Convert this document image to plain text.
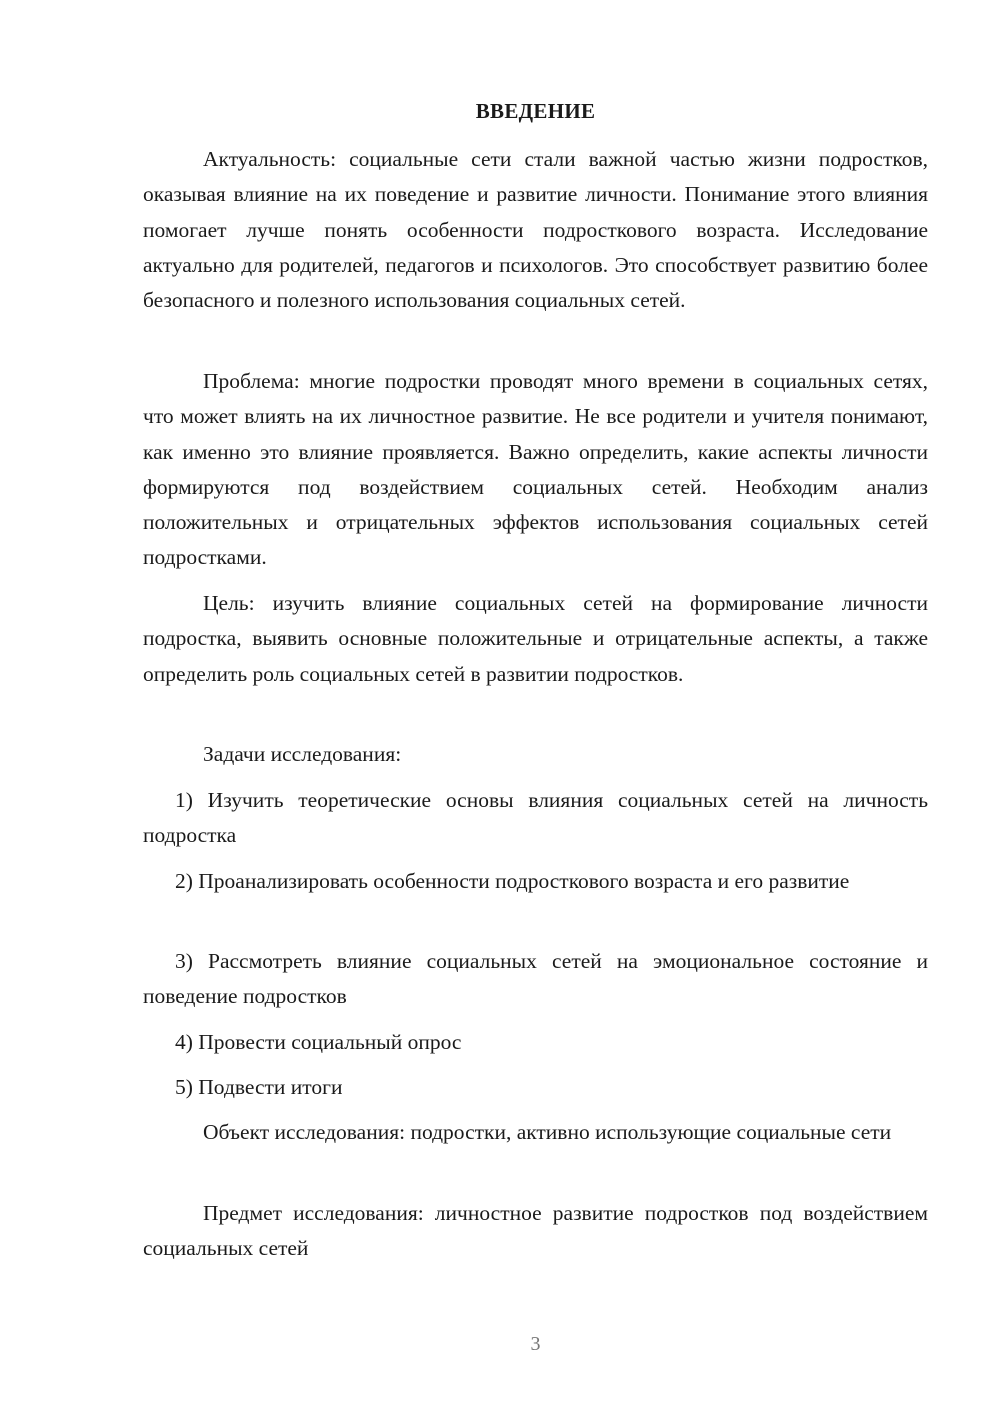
ВВЕДЕНИЕ

Актуальность: социальные сети стали важной частью жизни подростков, оказывая влияние на их поведение и развитие личности. Понимание этого влияния помогает лучше понять особенности подросткового возраста. Исследование актуально для родителей, педагогов и психологов. Это способствует развитию более безопасного и полезного использования социальных сетей.

Проблема: многие подростки проводят много времени в социальных сетях, что может влиять на их личностное развитие. Не все родители и учителя понимают, как именно это влияние проявляется. Важно определить, какие аспекты личности формируются под воздействием социальных сетей. Необходим анализ положительных и отрицательных эффектов использования социальных сетей подростками.

Цель: изучить влияние социальных сетей на формирование личности подростка, выявить основные положительные и отрицательные аспекты, а также определить роль социальных сетей в развитии подростков.

Задачи исследования:

1) Изучить теоретические основы влияния социальных сетей на личность подростка

2) Проанализировать особенности подросткового возраста и его развитие

3) Рассмотреть влияние социальных сетей на эмоциональное состояние и поведение подростков

4) Провести социальный опрос

5) Подвести итоги

Объект исследования: подростки, активно использующие социальные сети

Предмет исследования: личностное развитие подростков под воздействием социальных сетей

3
